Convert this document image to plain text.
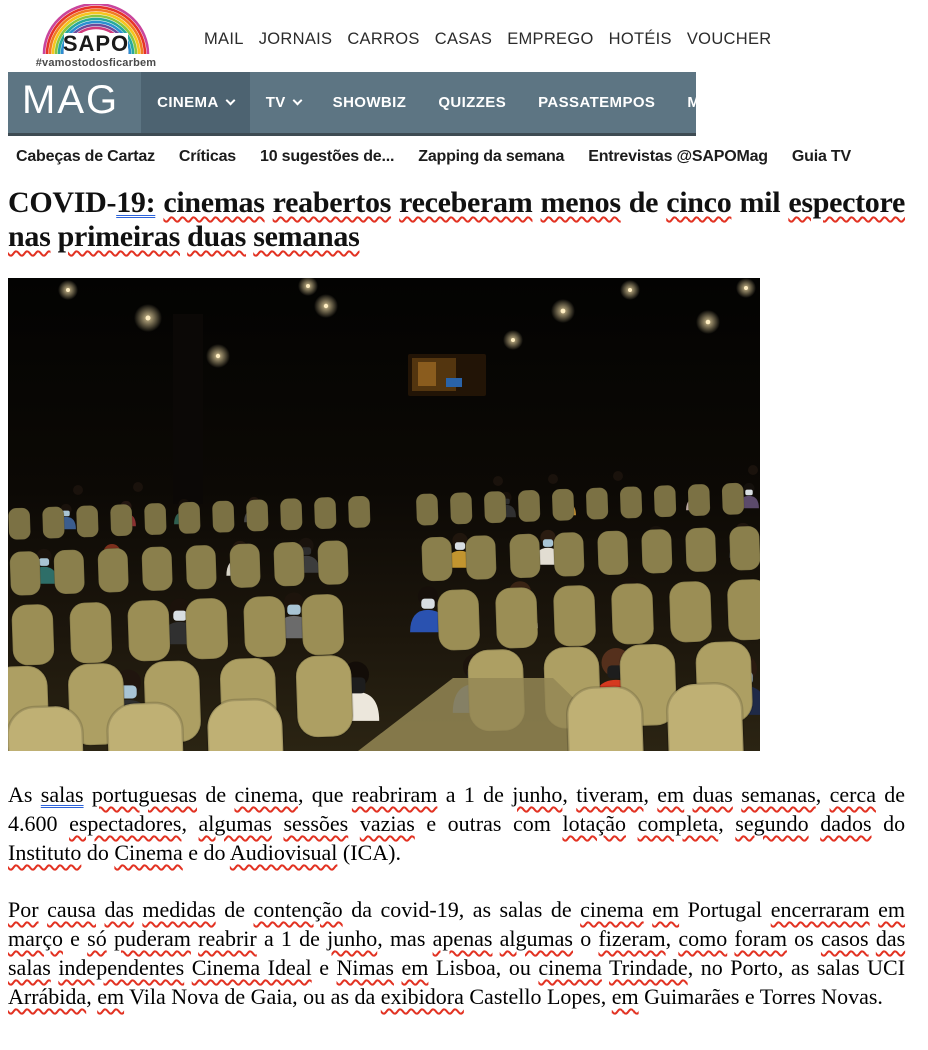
SAPO
#vamostodosficarbem
MAIL JORNAIS CARROS CASAS EMPREGO HOTÉIS VOUCHER
MAG	CINEMA	TV	SHOWBIZ QUIZZES PASSATEMPOS MAGAZINE
Cabeças de Cartaz Críticas 10 sugestões de... Zapping da semana Entrevistas @SAPOMag Guia TV
COVID-19: cinemas reabertos receberam menos de cinco mil espectore nas primeiras duas semanas

As salas portuguesas de cinema, que reabriram a 1 de junho, tiveram, em duas semanas, cerca de 4.600 espectadores, algumas sessões vazias e outras com lotação completa, segundo dados do Instituto do Cinema e do Audiovisual (ICA).

Por causa das medidas de contenção da covid-19, as salas de cinema em Portugal encerraram em março e só puderam reabrir a 1 de junho, mas apenas algumas o fizeram, como foram os casos das salas independentes Cinema Ideal e Nimas em Lisboa, ou cinema Trindade, no Porto, as salas UCI Arrábida, em Vila Nova de Gaia, ou as da exibidora Castello Lopes, em Guimarães e Torres Novas.
